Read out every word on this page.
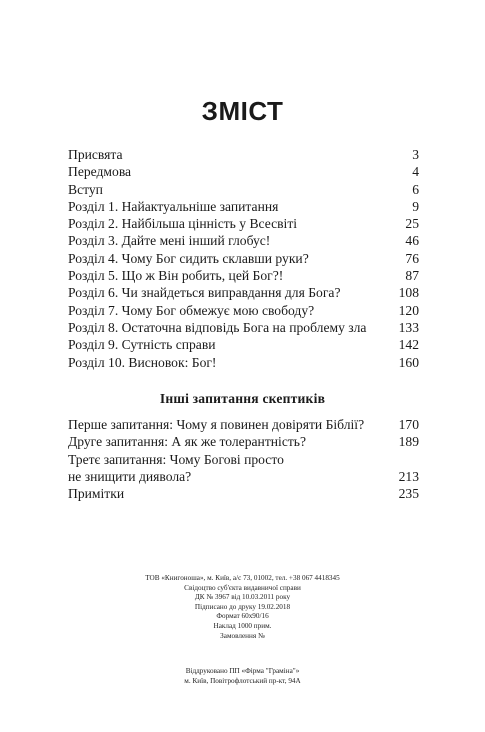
ЗМІСТ
Присвята	3
Передмова	4
Вступ	6
Розділ 1. Найактуальніше запитання	9
Розділ 2. Найбільша цінність у Всесвіті	25
Розділ 3. Дайте мені інший глобус!	46
Розділ 4. Чому Бог сидить склавши руки?	76
Розділ 5. Що ж Він робить, цей Бог?!	87
Розділ 6. Чи знайдеться виправдання для Бога?	108
Розділ 7. Чому Бог обмежує мою свободу?	120
Розділ 8. Остаточна відповідь Бога на проблему зла	133
Розділ 9. Сутність справи	142
Розділ 10. Висновок: Бог!	160
Інші запитання скептиків
Перше запитання: Чому я повинен довіряти Біблії?	170
Друге запитання: А як же толерантність?	189
Третє запитання: Чому Богові просто
не знищити диявола?	213
Примітки	235
ТОВ «Книгоноша», м. Київ, а/с 73, 01002, тел. +38 067 4418345
Свідоцтво суб'єкта видавничої справи
ДК № 3967 від 10.03.2011 року
Підписано до друку 19.02.2018
Формат 60х90/16
Наклад 1000 прим.
Замовлення №
Віддруковано ПП «Фірма "Граміна"»
м. Київ, Повітрофлотський пр-кт, 94А
